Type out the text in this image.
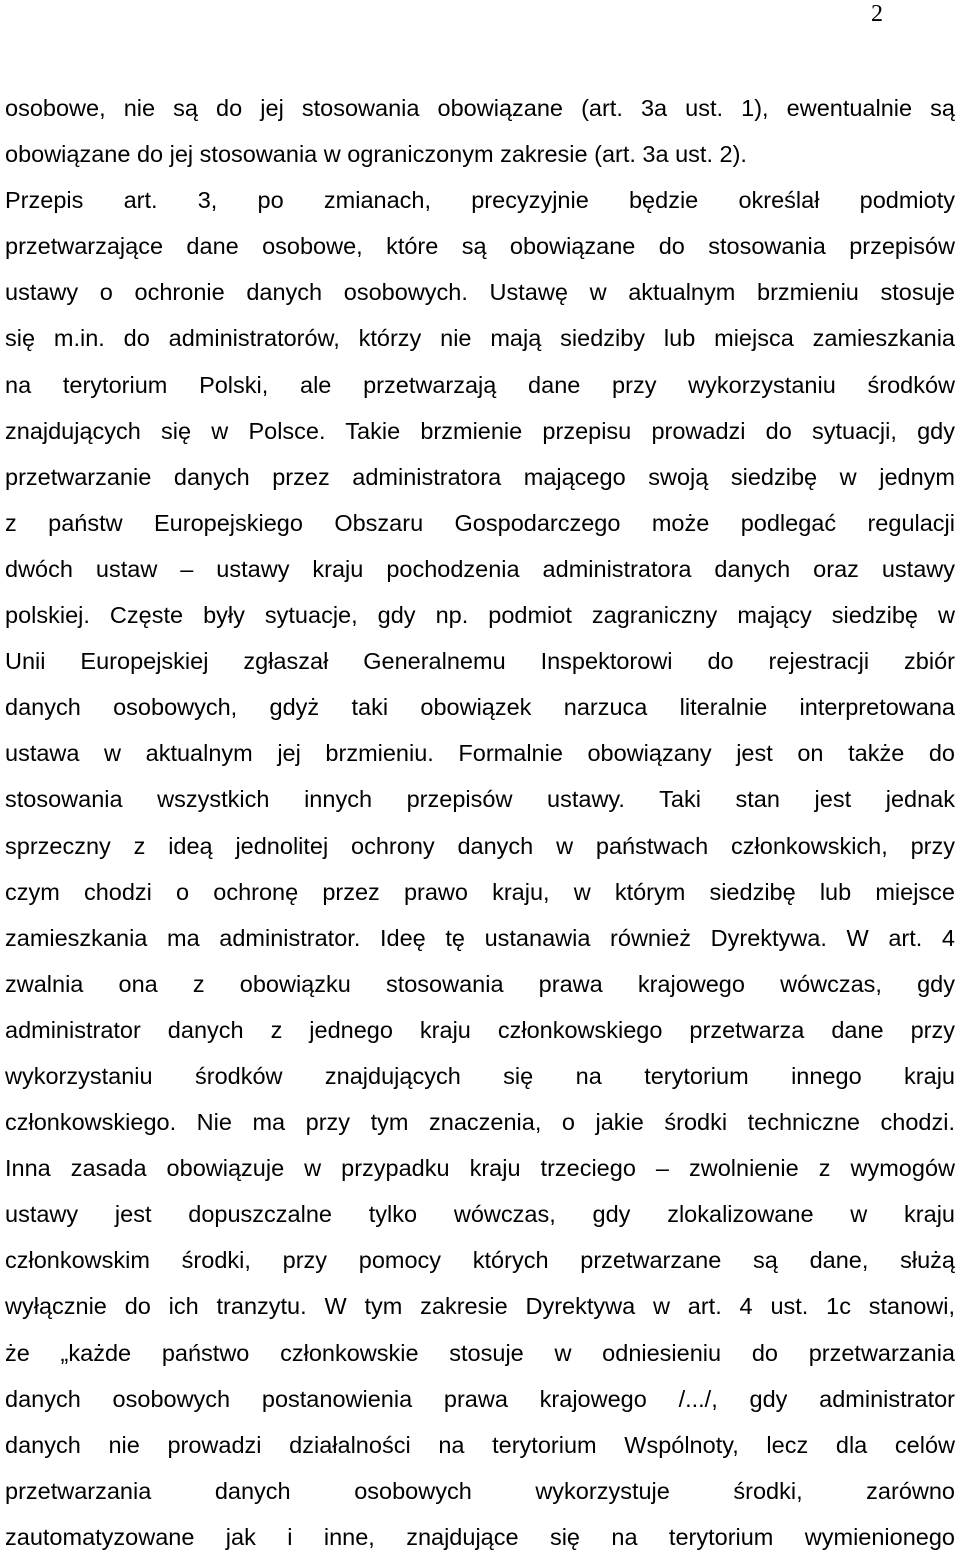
2
osobowe, nie są do jej stosowania obowiązane (art. 3a ust. 1), ewentualnie są
obowiązane do jej stosowania w ograniczonym zakresie (art. 3a ust. 2).
Przepis art. 3, po zmianach, precyzyjnie będzie określał podmioty
przetwarzające dane osobowe, które są obowiązane do stosowania przepisów
ustawy o ochronie danych osobowych. Ustawę w aktualnym brzmieniu stosuje
się m.in. do administratorów, którzy nie mają siedziby lub miejsca zamieszkania
na terytorium Polski, ale przetwarzają dane przy wykorzystaniu środków
znajdujących się w Polsce. Takie brzmienie przepisu prowadzi do sytuacji, gdy
przetwarzanie danych przez administratora mającego swoją siedzibę w jednym
z państw Europejskiego Obszaru Gospodarczego może podlegać regulacji
dwóch ustaw – ustawy kraju pochodzenia administratora danych oraz ustawy
polskiej. Częste były sytuacje, gdy np. podmiot zagraniczny mający siedzibę w
Unii Europejskiej zgłaszał Generalnemu Inspektorowi do rejestracji zbiór
danych osobowych, gdyż taki obowiązek narzuca literalnie interpretowana
ustawa w aktualnym jej brzmieniu. Formalnie obowiązany jest on także do
stosowania wszystkich innych przepisów ustawy. Taki stan jest jednak
sprzeczny z ideą jednolitej ochrony danych w państwach członkowskich, przy
czym chodzi o ochronę przez prawo kraju, w którym siedzibę lub miejsce
zamieszkania ma administrator. Ideę tę ustanawia również Dyrektywa. W art. 4
zwalnia ona z obowiązku stosowania prawa krajowego wówczas, gdy
administrator danych z jednego kraju członkowskiego przetwarza dane przy
wykorzystaniu środków znajdujących się na terytorium innego kraju
członkowskiego. Nie ma przy tym znaczenia, o jakie środki techniczne chodzi.
Inna zasada obowiązuje w przypadku kraju trzeciego – zwolnienie z wymogów
ustawy jest dopuszczalne tylko wówczas, gdy zlokalizowane w kraju
członkowskim środki, przy pomocy których przetwarzane są dane, służą
wyłącznie do ich tranzytu. W tym zakresie Dyrektywa w art. 4 ust. 1c stanowi,
że „każde państwo członkowskie stosuje w odniesieniu do przetwarzania
danych osobowych postanowienia prawa krajowego /.../, gdy administrator
danych nie prowadzi działalności na terytorium Wspólnoty, lecz dla celów
przetwarzania danych osobowych wykorzystuje środki, zarówno
zautomatyzowane jak i inne, znajdujące się na terytorium wymienionego
